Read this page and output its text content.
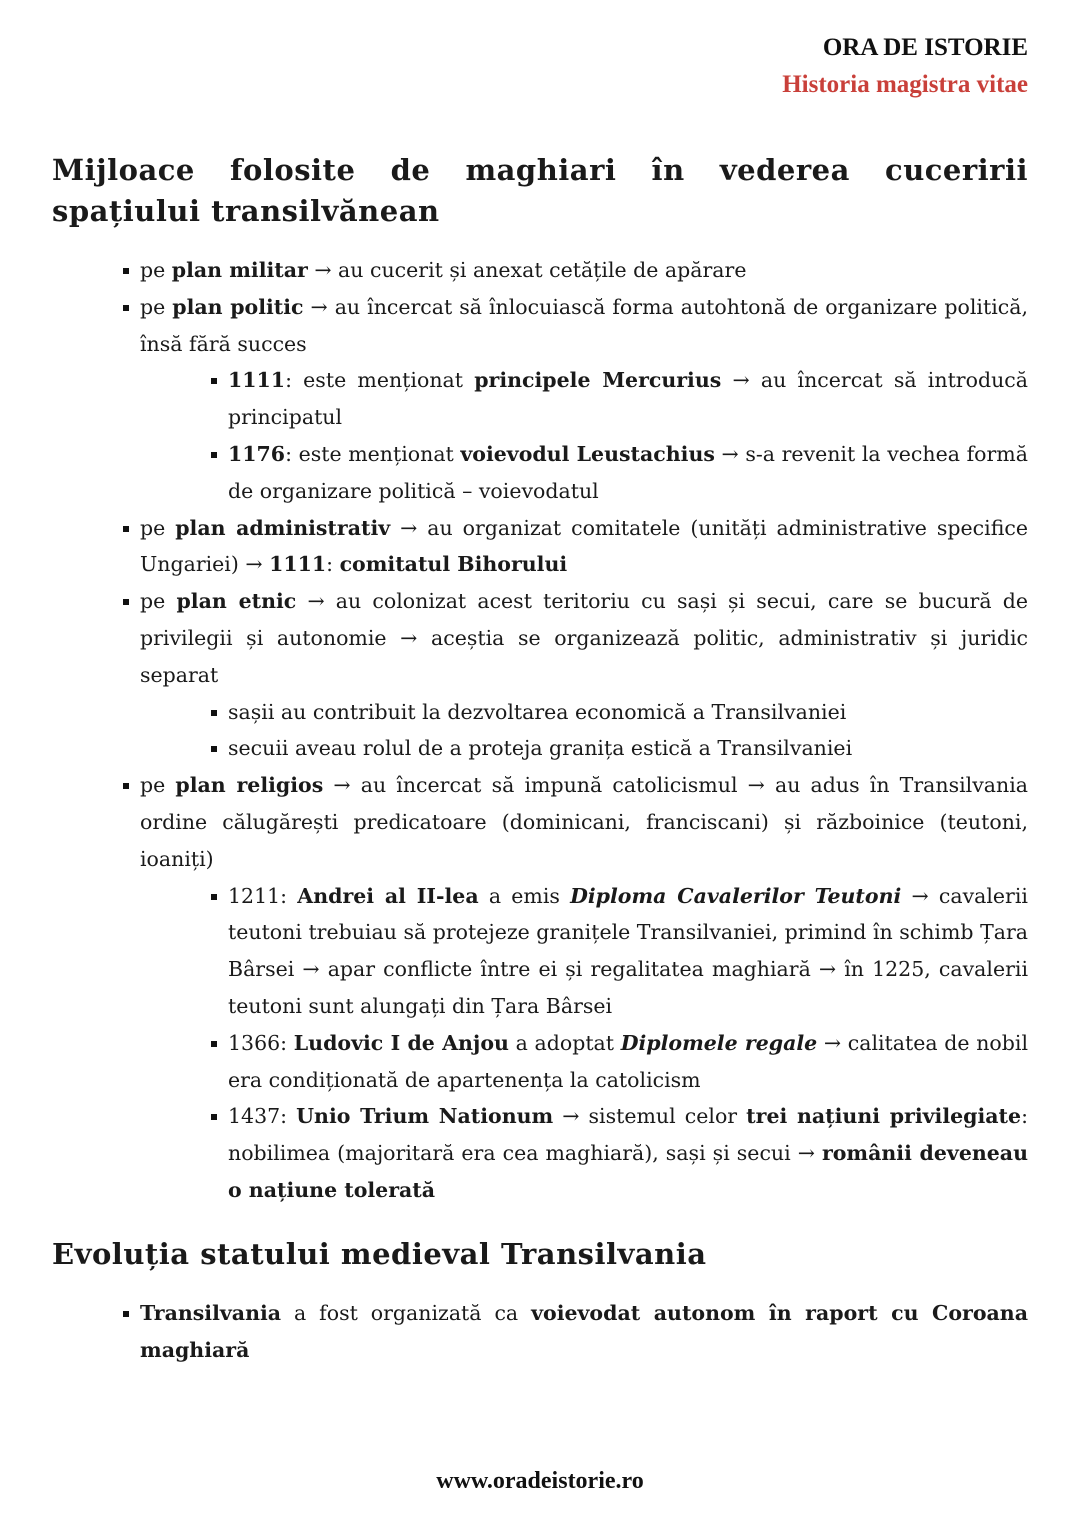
ORA DE ISTORIE
Historia magistra vitae
Mijloace folosite de maghiari în vederea cuceririi spațiului transilvănean
pe plan militar → au cucerit și anexat cetățile de apărare
pe plan politic → au încercat să înlocuiască forma autohtonă de organizare politică, însă fără succes
1111: este menționat principele Mercurius → au încercat să introducă principatul
1176: este menționat voievodul Leustachius → s-a revenit la vechea formă de organizare politică – voievodatul
pe plan administrativ → au organizat comitatele (unități administrative specifice Ungariei) → 1111: comitatul Bihorului
pe plan etnic → au colonizat acest teritoriu cu sași și secui, care se bucură de privilegii și autonomie → aceștia se organizează politic, administrativ și juridic separat
sașii au contribuit la dezvoltarea economică a Transilvaniei
secuii aveau rolul de a proteja granița estică a Transilvaniei
pe plan religios → au încercat să impună catolicismul → au adus în Transilvania ordine călugărești predicatoare (dominicani, franciscani) și războinice (teutoni, ioaniți)
1211: Andrei al II-lea a emis Diploma Cavalerilor Teutoni → cavalerii teutoni trebuiau să protejeze granițele Transilvaniei, primind în schimb Țara Bârsei → apar conflicte între ei și regalitatea maghiară → în 1225, cavalerii teutoni sunt alungați din Țara Bârsei
1366: Ludovic I de Anjou a adoptat Diplomele regale → calitatea de nobil era condiționată de apartenența la catolicism
1437: Unio Trium Nationum → sistemul celor trei națiuni privilegiate: nobilimea (majoritară era cea maghiară), sași și secui → românii deveneau o națiune tolerată
Evoluția statului medieval Transilvania
Transilvania a fost organizată ca voievodat autonom în raport cu Coroana maghiară
www.oradeistorie.ro
